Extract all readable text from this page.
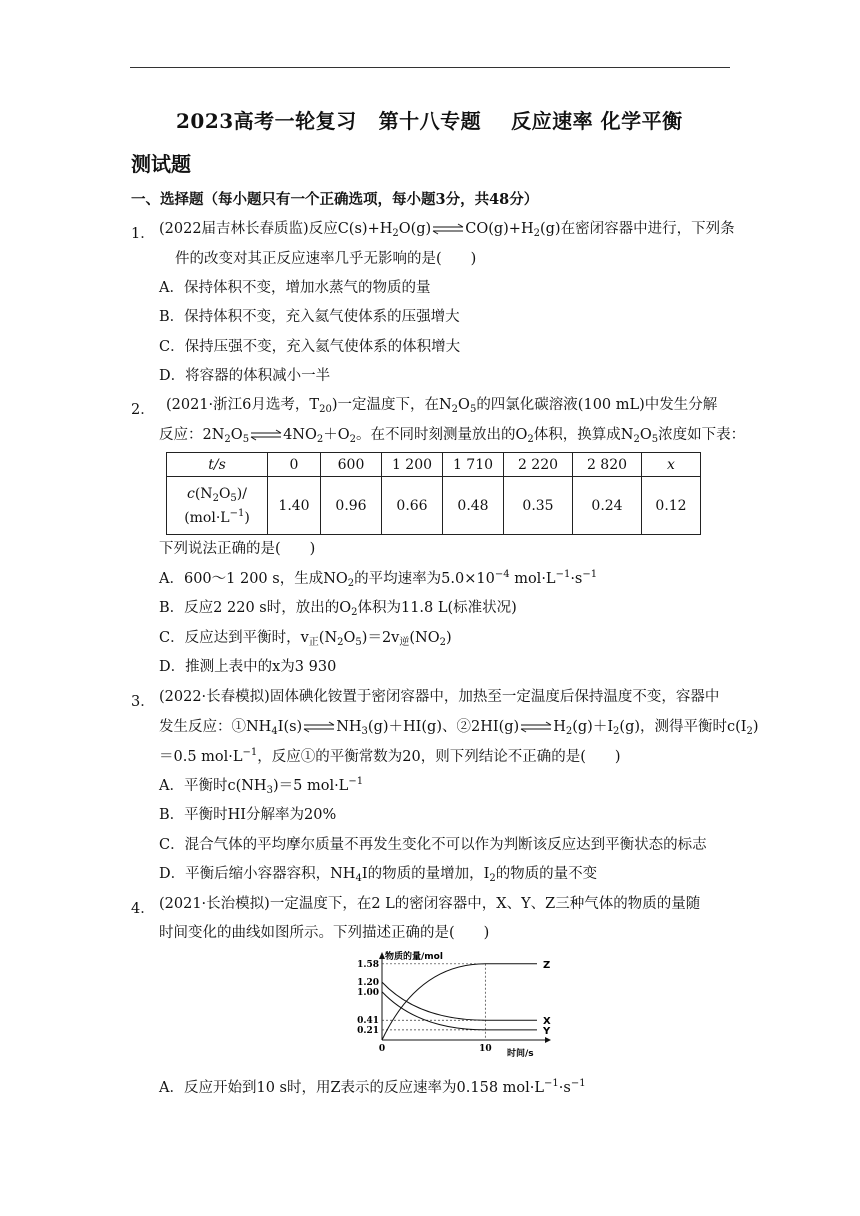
2023高考一轮复习 第十八专题 反应速率 化学平衡
测试题
一、选择题（每小题只有一个正确选项，每小题3分，共48分）
1． (2022届吉林长春质监)反应$C(s)+H_2O(g)\rightleftharpoons CO(g)+H_2(g)$在密闭容器中进行，下列条
件的改变对其正反应速率几乎无影响的是(　　)
A．保持体积不变，增加水蒸气的物质的量
B．保持体积不变，充入氦气使体系的压强增大
C．保持压强不变，充入氦气使体系的体积增大
D．将容器的体积减小一半
2． (2021·浙江6月选考，$T_{20}$)一定温度下，在$N_2O_5$的四氯化碳溶液(100 mL)中发生分解
反应：$2N_2O_5\rightleftharpoons 4NO_2+O_2$。在不同时刻测量放出的$O_2$体积，换算成$N_2O_5$浓度如下表：
t/s	0	600	1 200	1 710	2 220	2 820	x
$c(N_2O_5)/$
$(mol\cdot L^{-1})$	1.40	0.96	0.66	0.48	0.35	0.24	0.12
下列说法正确的是(　　)
A．600～1 200 s，生成$NO_2$的平均速率为$5.0\times 10^{-4}$ $mol\cdot L^{-1}\cdot s^{-1}$
B．反应2 220 s时，放出的$O_2$体积为11.8 L(标准状况)
C．反应达到平衡时，$v_正(N_2O_5)=2v_逆(NO_2)$
D．推测上表中的x为3 930
3． (2022·长春模拟)固体碘化铵置于密闭容器中，加热至一定温度后保持温度不变，容器中
发生反应：$①NH_4I(s)\rightleftharpoons NH_3(g)+HI(g)$、$②2HI(g)\rightleftharpoons H_2(g)+I_2(g)$，测得平衡时$c(I_2)$
＝0.5 $mol\cdot L^{-1}$，反应①的平衡常数为20，则下列结论不正确的是(　　)
A．平衡时$c(NH_3)=5$ $mol\cdot L^{-1}$
B．平衡时HI分解率为20%
C．混合气体的平均摩尔质量不再发生变化不可以作为判断该反应达到平衡状态的标志
D．平衡后缩小容器容积，$NH_4I$的物质的量增加，$I_2$的物质的量不变
4． (2021·长治模拟)一定温度下，在2 L的密闭容器中，X、Y、Z三种气体的物质的量随
时间变化的曲线如图所示。下列描述正确的是(　　)
物质的量/mol
时间/s
1.58
1.20
1.00
0.41
0.21
0	10
Z
X
Y
A．反应开始到10 s时，用Z表示的反应速率为0.158 $mol\cdot L^{-1}\cdot s^{-1}$
